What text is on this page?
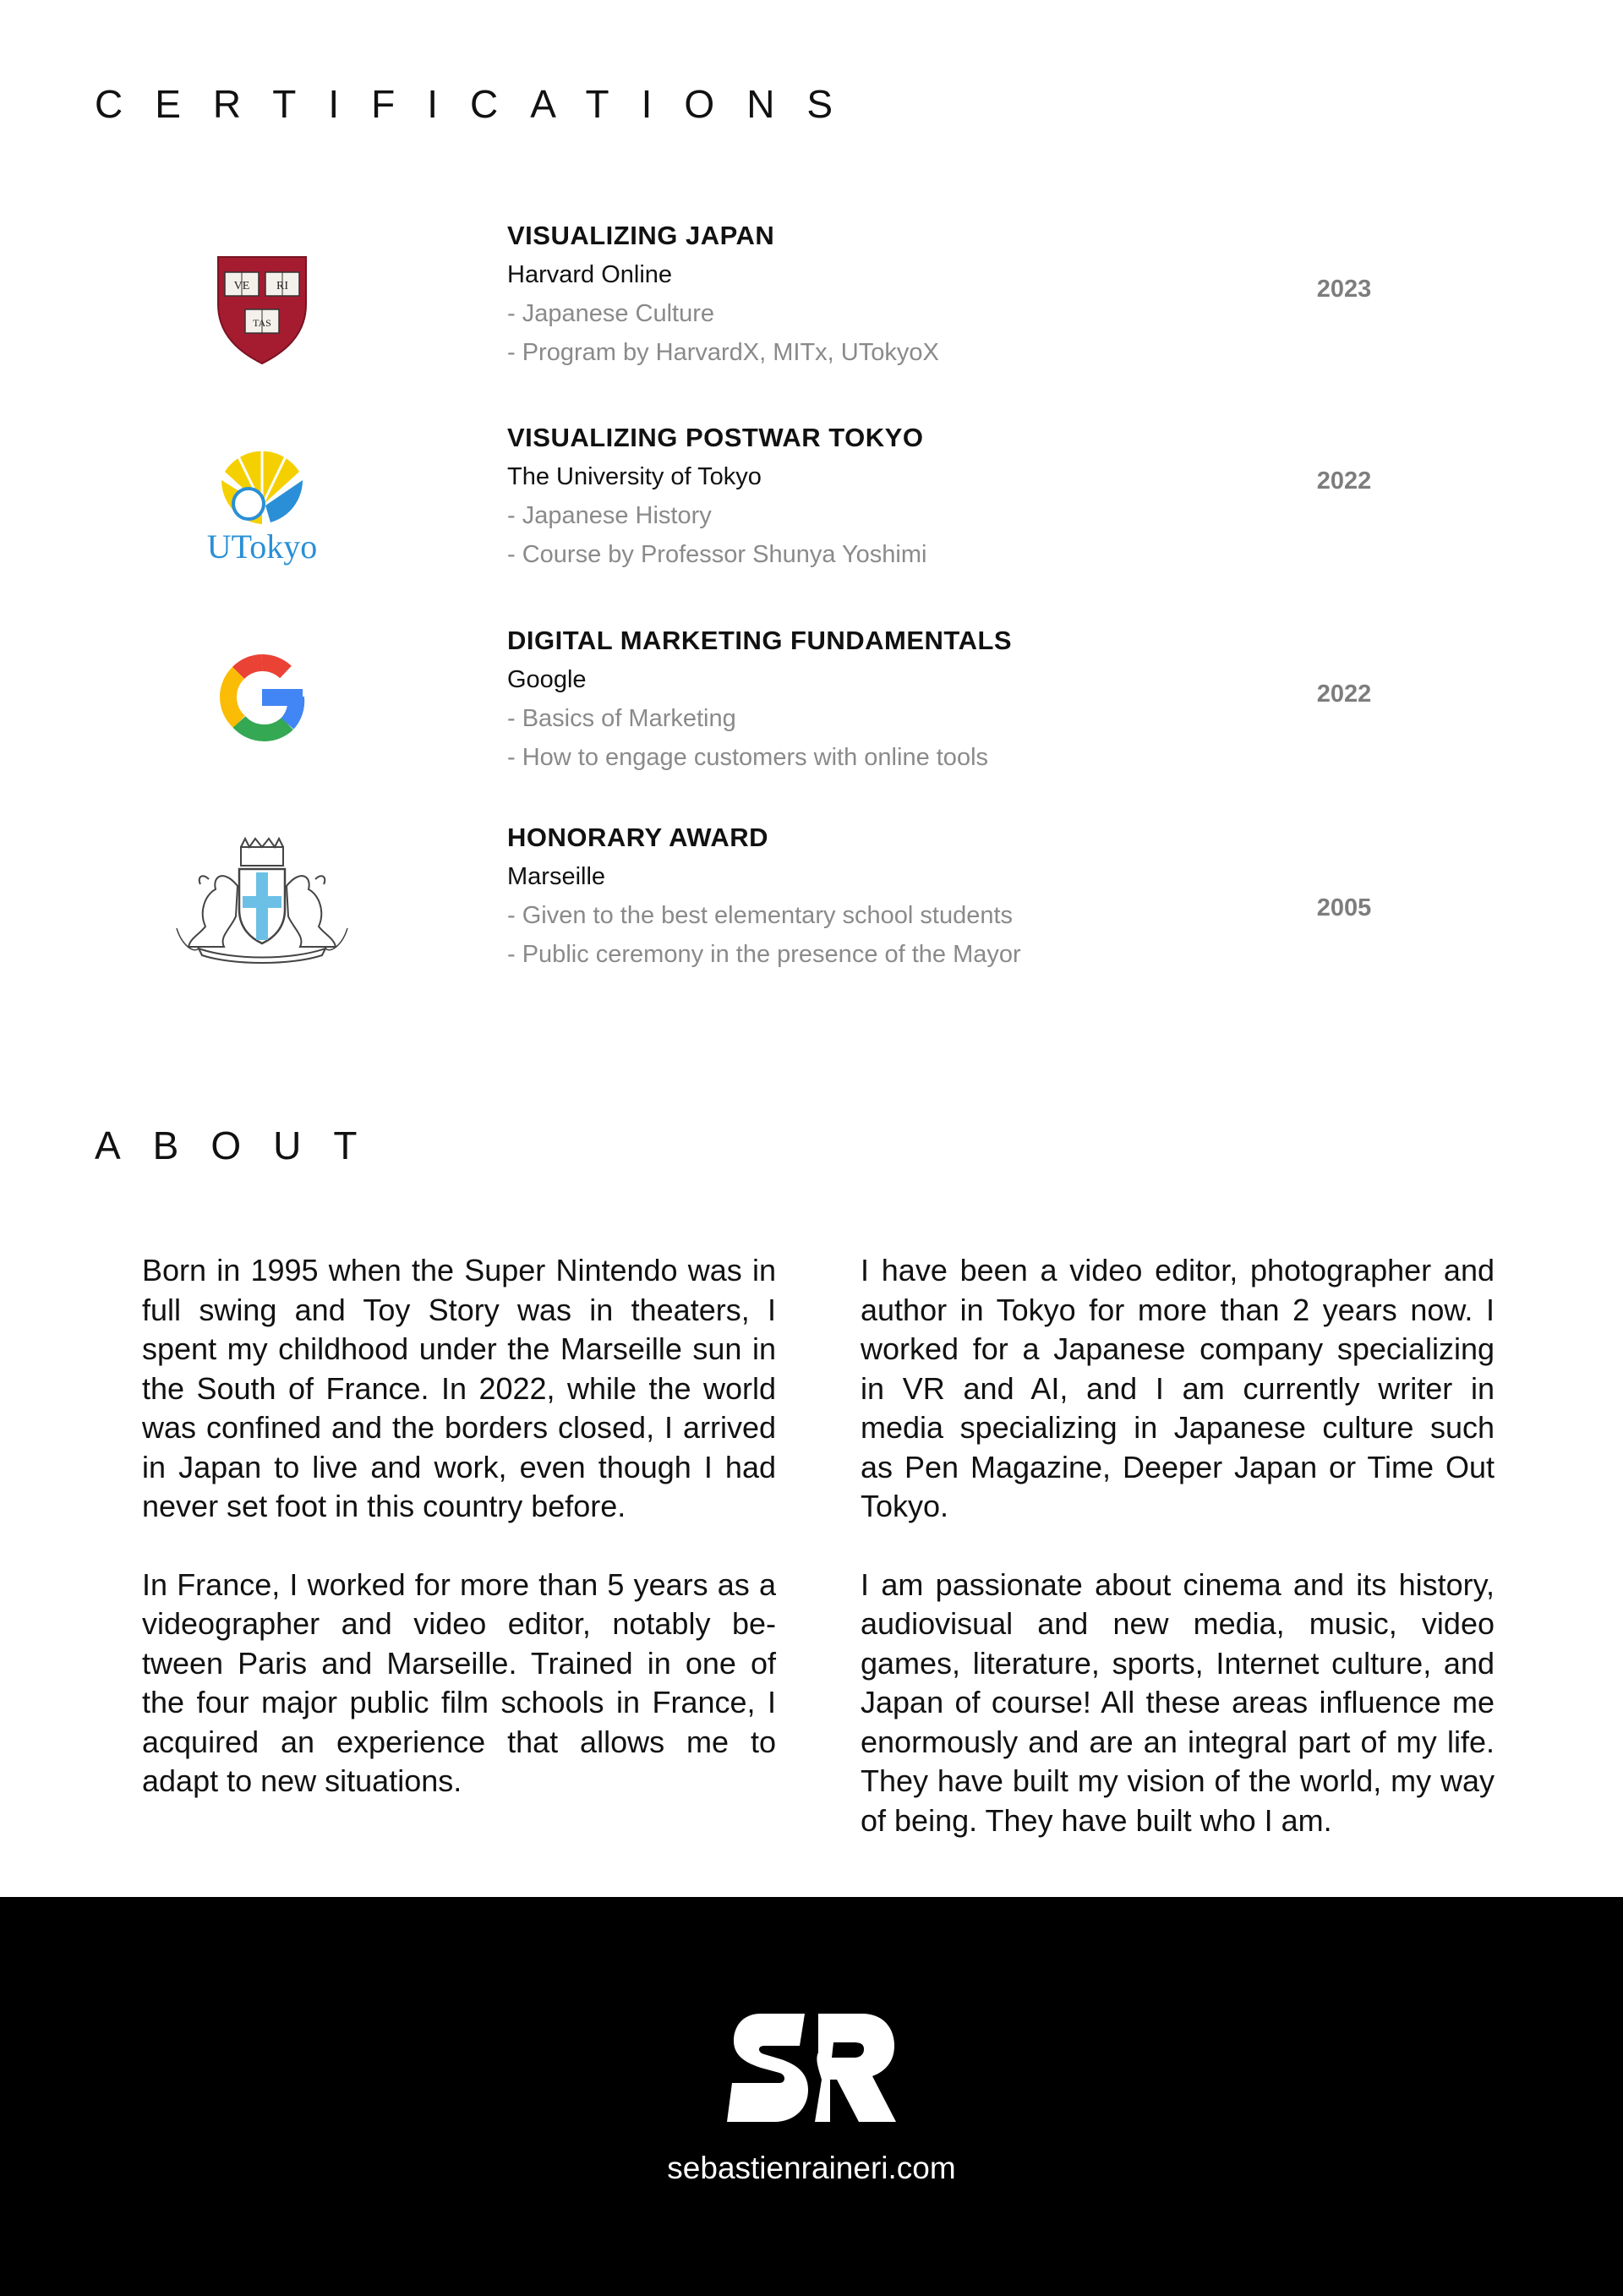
CERTIFICATIONS
VE RI
TAS
VISUALIZING JAPAN
Harvard Online
- Japanese Culture
- Program by HarvardX, MITx, UTokyoX
2023
UTokyo
VISUALIZING POSTWAR TOKYO
The University of Tokyo
- Japanese History
- Course by Professor Shunya Yoshimi
2022
DIGITAL MARKETING FUNDAMENTALS
Google
- Basics of Marketing
- How to engage customers with online tools
2022
HONORARY AWARD
Marseille
- Given to the best elementary school students
- Public ceremony in the presence of the Mayor
2005
ABOUT

Born in 1995 when the Super Nintendo was in full swing and Toy Story was in theaters, I spent my childhood under the Marseille sun in the South of France. In 2022, while the world was confined and the borders closed, I arrived in Japan to live and work, even though I had never set foot in this country before.

In France, I worked for more than 5 years as a videographer and video editor, notably between Paris and Marseille. Trained in one of the four major public film schools in France, I acquired an experience that allows me to adapt to new situations.

I have been a video editor, photographer and author in Tokyo for more than 2 years now. I worked for a Japanese company specializing in VR and AI, and I am currently writer in media specializing in Japanese culture such as Pen Magazine, Deeper Japan or Time Out Tokyo.

I am passionate about cinema and its history, audiovisual and new media, music, video games, literature, sports, Internet culture, and Japan of course! All these areas influence me enormously and are an integral part of my life. They have built my vision of the world, my way of being. They have built who I am.

sebastienraineri.com
